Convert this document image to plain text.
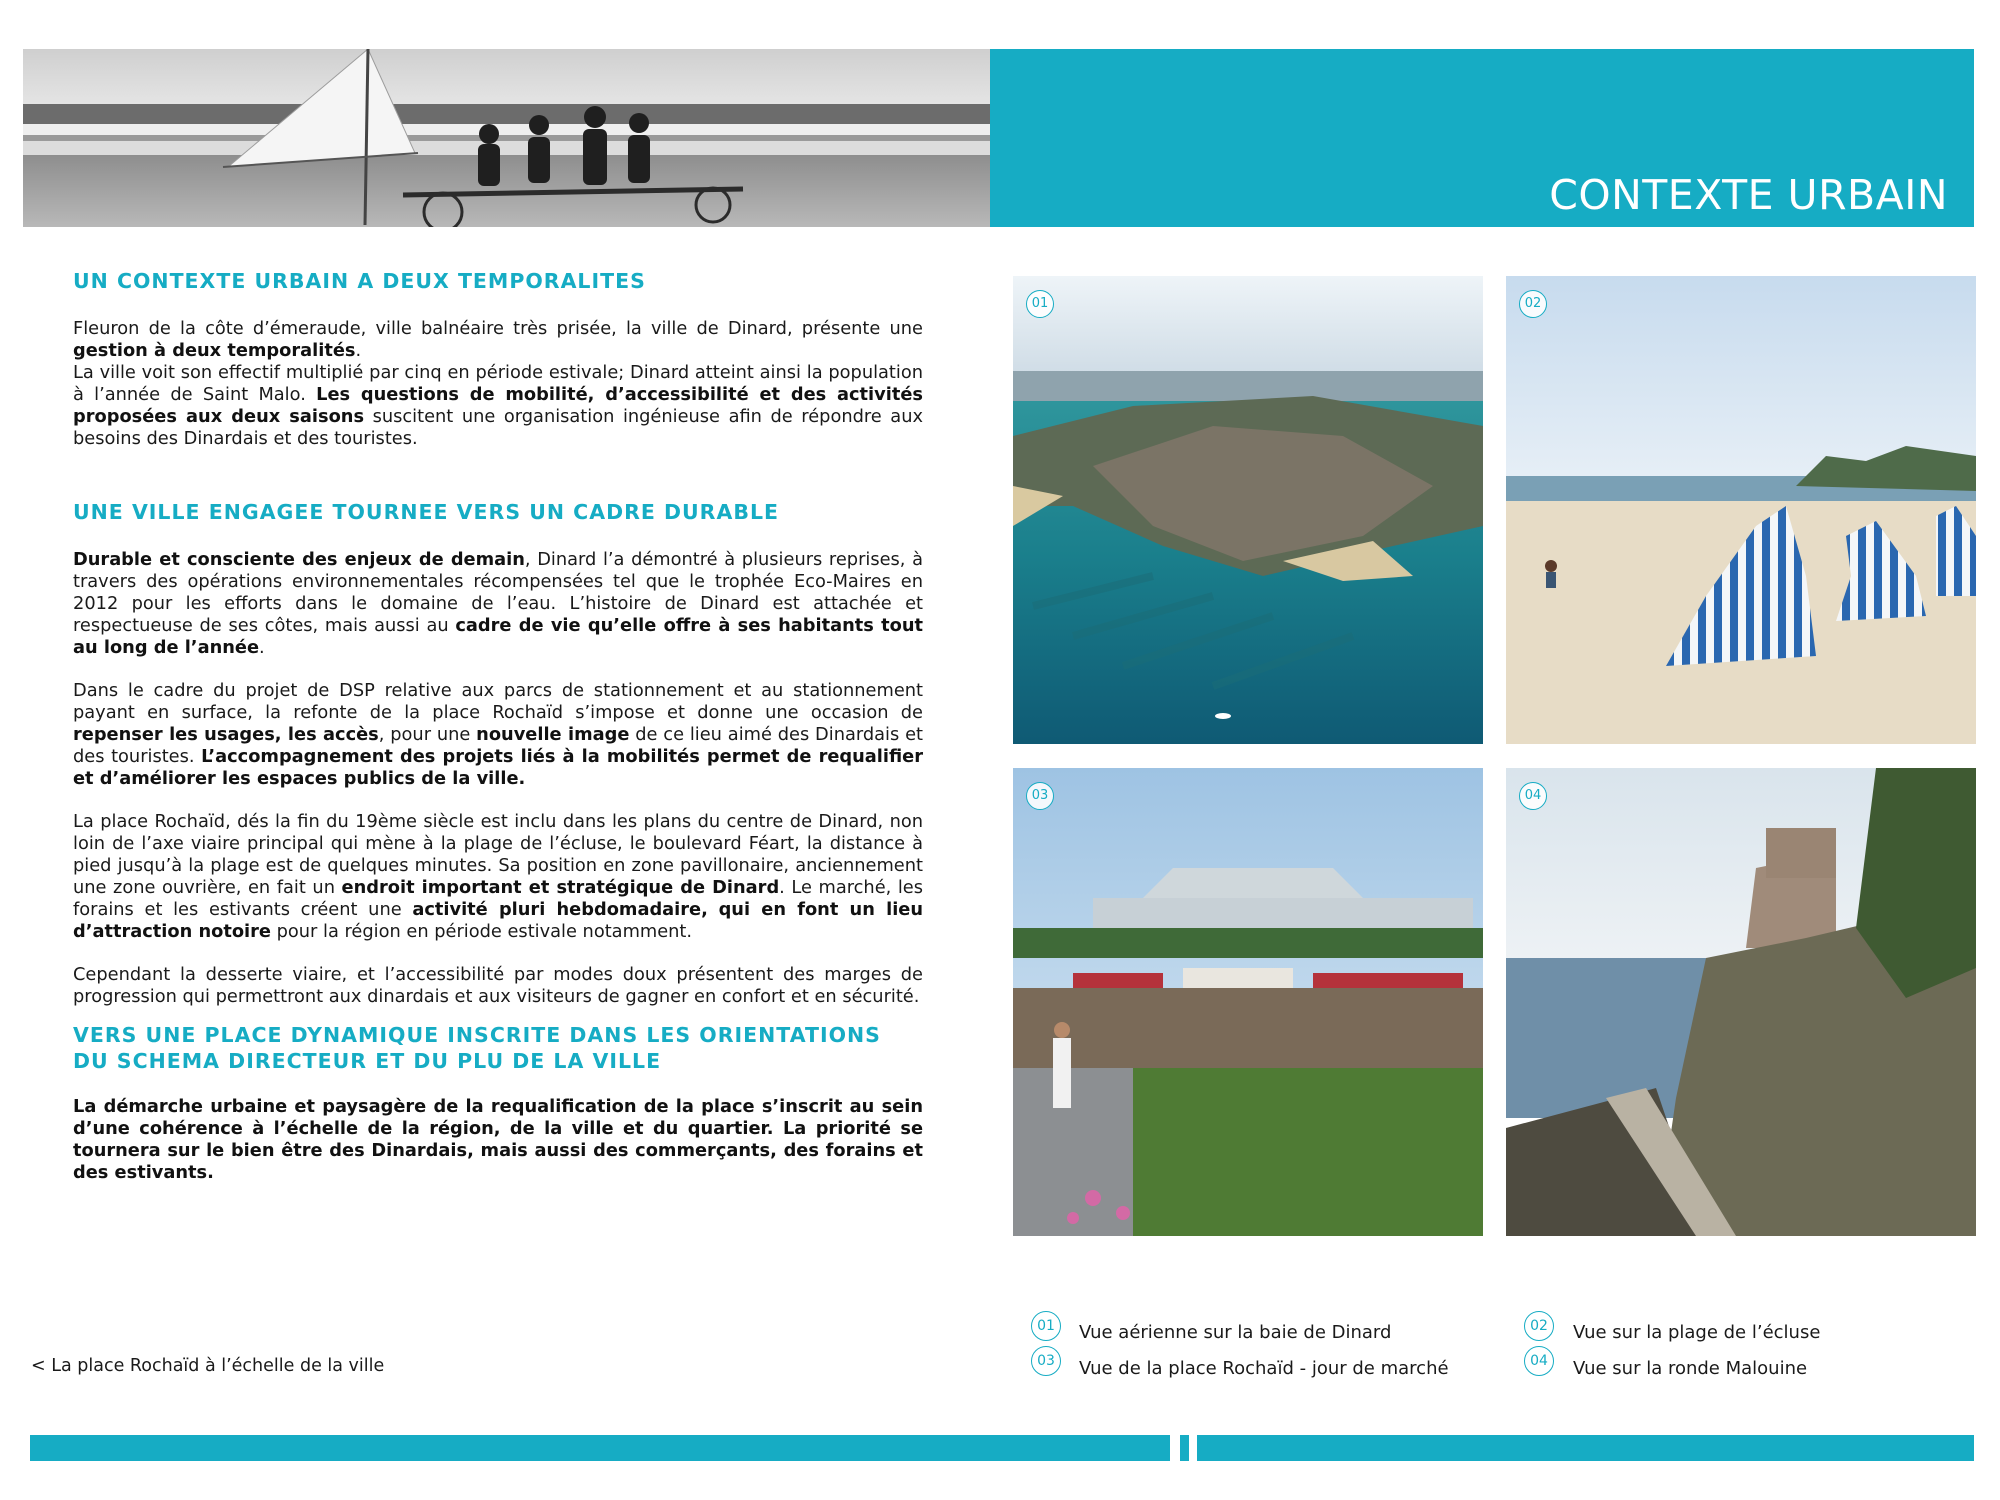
CONTEXTE URBAIN
UN CONTEXTE URBAIN A DEUX TEMPORALITES

Fleuron de la côte d’émeraude, ville balnéaire très prisée, la ville de Dinard, présente une gestion à deux temporalités.
La ville voit son effectif multiplié par cinq en période estivale; Dinard atteint ainsi la population à l’année de Saint Malo. Les questions de mobilité, d’accessibilité et des activités proposées aux deux saisons suscitent une organisation ingénieuse afin de répondre aux besoins des Dinardais et des touristes.

UNE VILLE ENGAGEE TOURNEE VERS UN CADRE DURABLE

Durable et consciente des enjeux de demain, Dinard l’a démontré à plusieurs reprises, à travers des opérations environnementales récompensées tel que le trophée Eco-Maires en 2012 pour les efforts dans le domaine de l’eau. L’histoire de Dinard est attachée et respectueuse de ses côtes, mais aussi au cadre de vie qu’elle offre à ses habitants tout au long de l’année.

Dans le cadre du projet de DSP relative aux parcs de stationnement et au stationnement payant en surface, la refonte de la place Rochaïd s’impose et donne une occasion de repenser les usages, les accès, pour une nouvelle image de ce lieu aimé des Dinardais et des touristes. L’accompagnement des projets liés à la mobilités permet de requalifier et d’améliorer les espaces publics de la ville.

La place Rochaïd, dés la fin du 19ème siècle est inclu dans les plans du centre de Dinard, non loin de l’axe viaire principal qui mène à la plage de l’écluse, le boulevard Féart, la distance à pied jusqu’à la plage est de quelques minutes. Sa position en zone pavillonaire, anciennement une zone ouvrière, en fait un endroit important et stratégique de Dinard. Le marché, les forains et les estivants créent une activité pluri hebdomadaire, qui en font un lieu d’attraction notoire pour la région en période estivale notamment.

Cependant la desserte viaire, et l’accessibilité par modes doux présentent des marges de progression qui permettront aux dinardais et aux visiteurs de gagner en confort et en sécurité.

VERS UNE PLACE DYNAMIQUE INSCRITE DANS LES ORIENTATIONS DU SCHEMA DIRECTEUR ET DU PLU DE LA VILLE

La démarche urbaine et paysagère de la requalification de la place s’inscrit au sein d’une cohérence à l’échelle de la région, de la ville et du quartier. La priorité se tournera sur le bien être des Dinardais, mais aussi des commerçants, des forains et des estivants.

01	02
03	04
01	Vue aérienne sur la baie de Dinard
03	Vue de la place Rochaïd - jour de marché
02	Vue sur la plage de l’écluse
04	Vue sur la ronde Malouine
< La place Rochaïd à l’échelle de la ville
